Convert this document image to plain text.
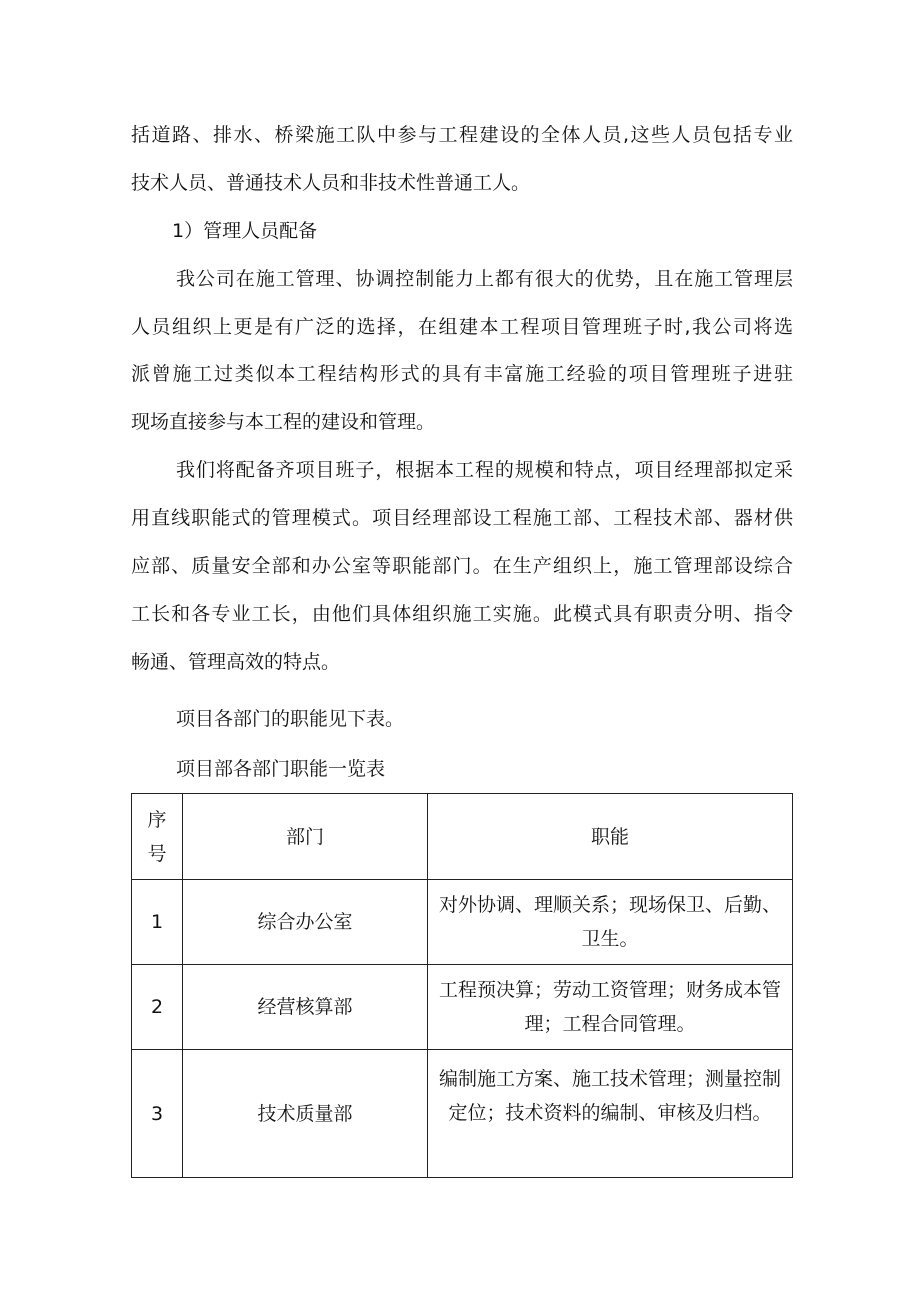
括道路、排水、桥梁施工队中参与工程建设的全体人员,这些人员包括专业
技术人员、普通技术人员和非技术性普通工人。
1）管理人员配备
我公司在施工管理、协调控制能力上都有很大的优势，且在施工管理层
人员组织上更是有广泛的选择，在组建本工程项目管理班子时,我公司将选
派曾施工过类似本工程结构形式的具有丰富施工经验的项目管理班子进驻
现场直接参与本工程的建设和管理。
我们将配备齐项目班子，根据本工程的规模和特点，项目经理部拟定采
用直线职能式的管理模式。项目经理部设工程施工部、工程技术部、器材供
应部、质量安全部和办公室等职能部门。在生产组织上，施工管理部设综合
工长和各专业工长，由他们具体组织施工实施。此模式具有职责分明、指令
畅通、管理高效的特点。
项目各部门的职能见下表。
项目部各部门职能一览表
序
号	部门	职能
1	综合办公室	对外协调、理顺关系；现场保卫、后勤、
卫生。

2	经营核算部	工程预决算；劳动工资管理；财务成本管
理；工程合同管理。

3	技术质量部	编制施工方案、施工技术管理；测量控制
定位；技术资料的编制、审核及归档。
